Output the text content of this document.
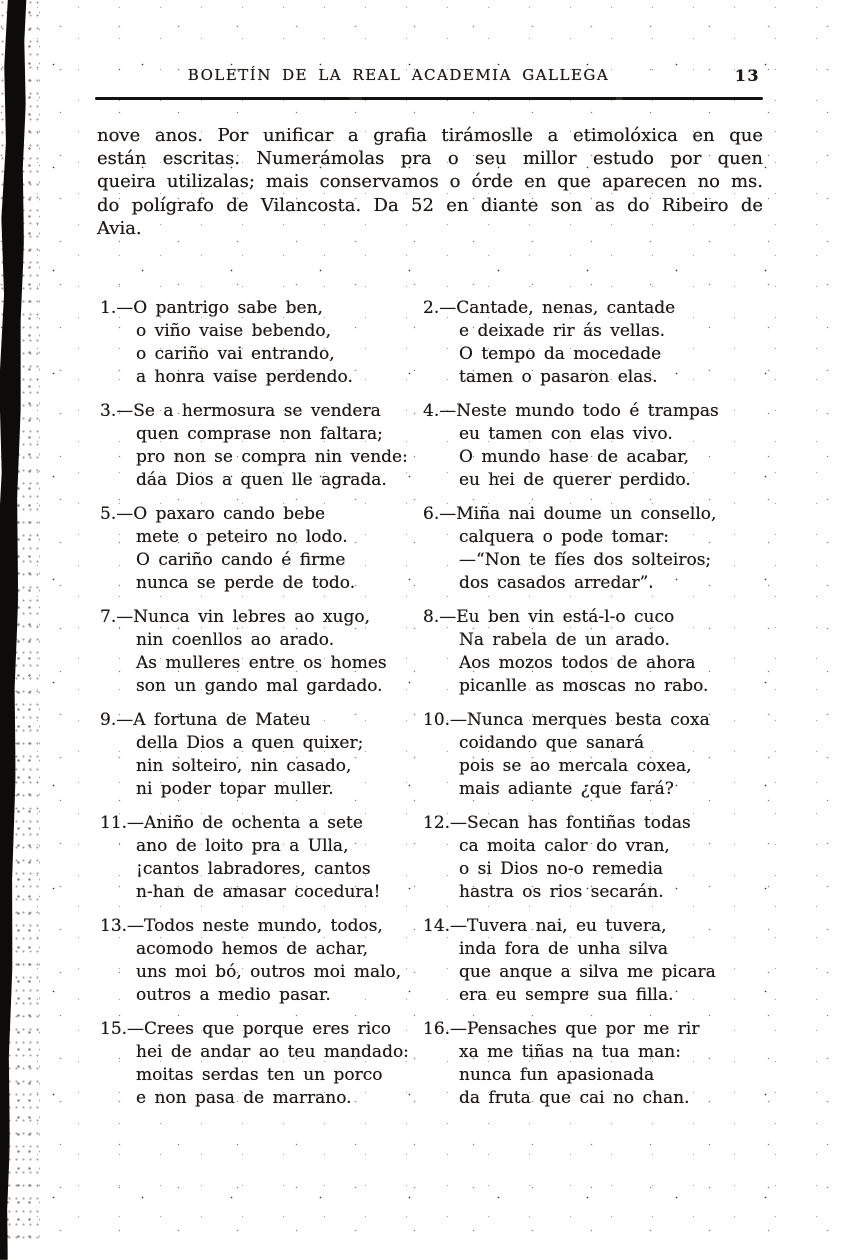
BOLETÍN DE LA REAL ACADEMIA GALLEGA	13

nove anos. Por unificar a grafia tirámoslle a etimolóxica en que están escritas. Numerámolas pra o seu millor estudo por quen queira utilizalas; mais conservamos o órde en que aparecen no ms. do polígrafo de Vilancosta. Da 52 en diante son as do Ribeiro de Avia.

1.—O pantrigo sabe ben,

o viño vaise bebendo,

o cariño vai entrando,

a honra vaise perdendo.

2.—Cantade, nenas, cantade

e deixade rir ás vellas.

O tempo da mocedade

tamen o pasaron elas.

3.—Se a hermosura se vendera

quen comprase non faltara;

pro non se compra nin vende:

dáa Dios a quen lle agrada.

4.—Neste mundo todo é trampas

eu tamen con elas vivo.

O mundo hase de acabar,

eu hei de querer perdido.

5.—O paxaro cando bebe

mete o peteiro no lodo.

O cariño cando é firme

nunca se perde de todo.

6.—Miña nai doume un consello,

calquera o pode tomar:

—“Non te fíes dos solteiros;

dos casados arredar”.

7.—Nunca vin lebres ao xugo,

nin coenllos ao arado.

As mulleres entre os homes

son un gando mal gardado.

8.—Eu ben vin está-l-o cuco

Na rabela de un arado.

Aos mozos todos de ahora

picanlle as moscas no rabo.

9.—A fortuna de Mateu

della Dios a quen quixer;

nin solteiro, nin casado,

ni poder topar muller.

10.—Nunca merques besta coxa

coidando que sanará

pois se ao mercala coxea,

mais adiante ¿que fará?

11.—Aniño de ochenta a sete

ano de loito pra a Ulla,

¡cantos labradores, cantos

n-han de amasar cocedura!

12.—Secan has fontiñas todas

ca moita calor do vran,

o si Dios no-o remedia

hastra os rios secarán.

13.—Todos neste mundo, todos,

acomodo hemos de achar,

uns moi bó, outros moi malo,

outros a medio pasar.

14.—Tuvera nai, eu tuvera,

inda fora de unha silva

que anque a silva me picara

era eu sempre sua filla.

15.—Crees que porque eres rico

hei de andar ao teu mandado:

moitas serdas ten un porco

e non pasa de marrano.

16.—Pensaches que por me rir

xa me tiñas na tua man:

nunca fun apasionada

da fruta que cai no chan.
